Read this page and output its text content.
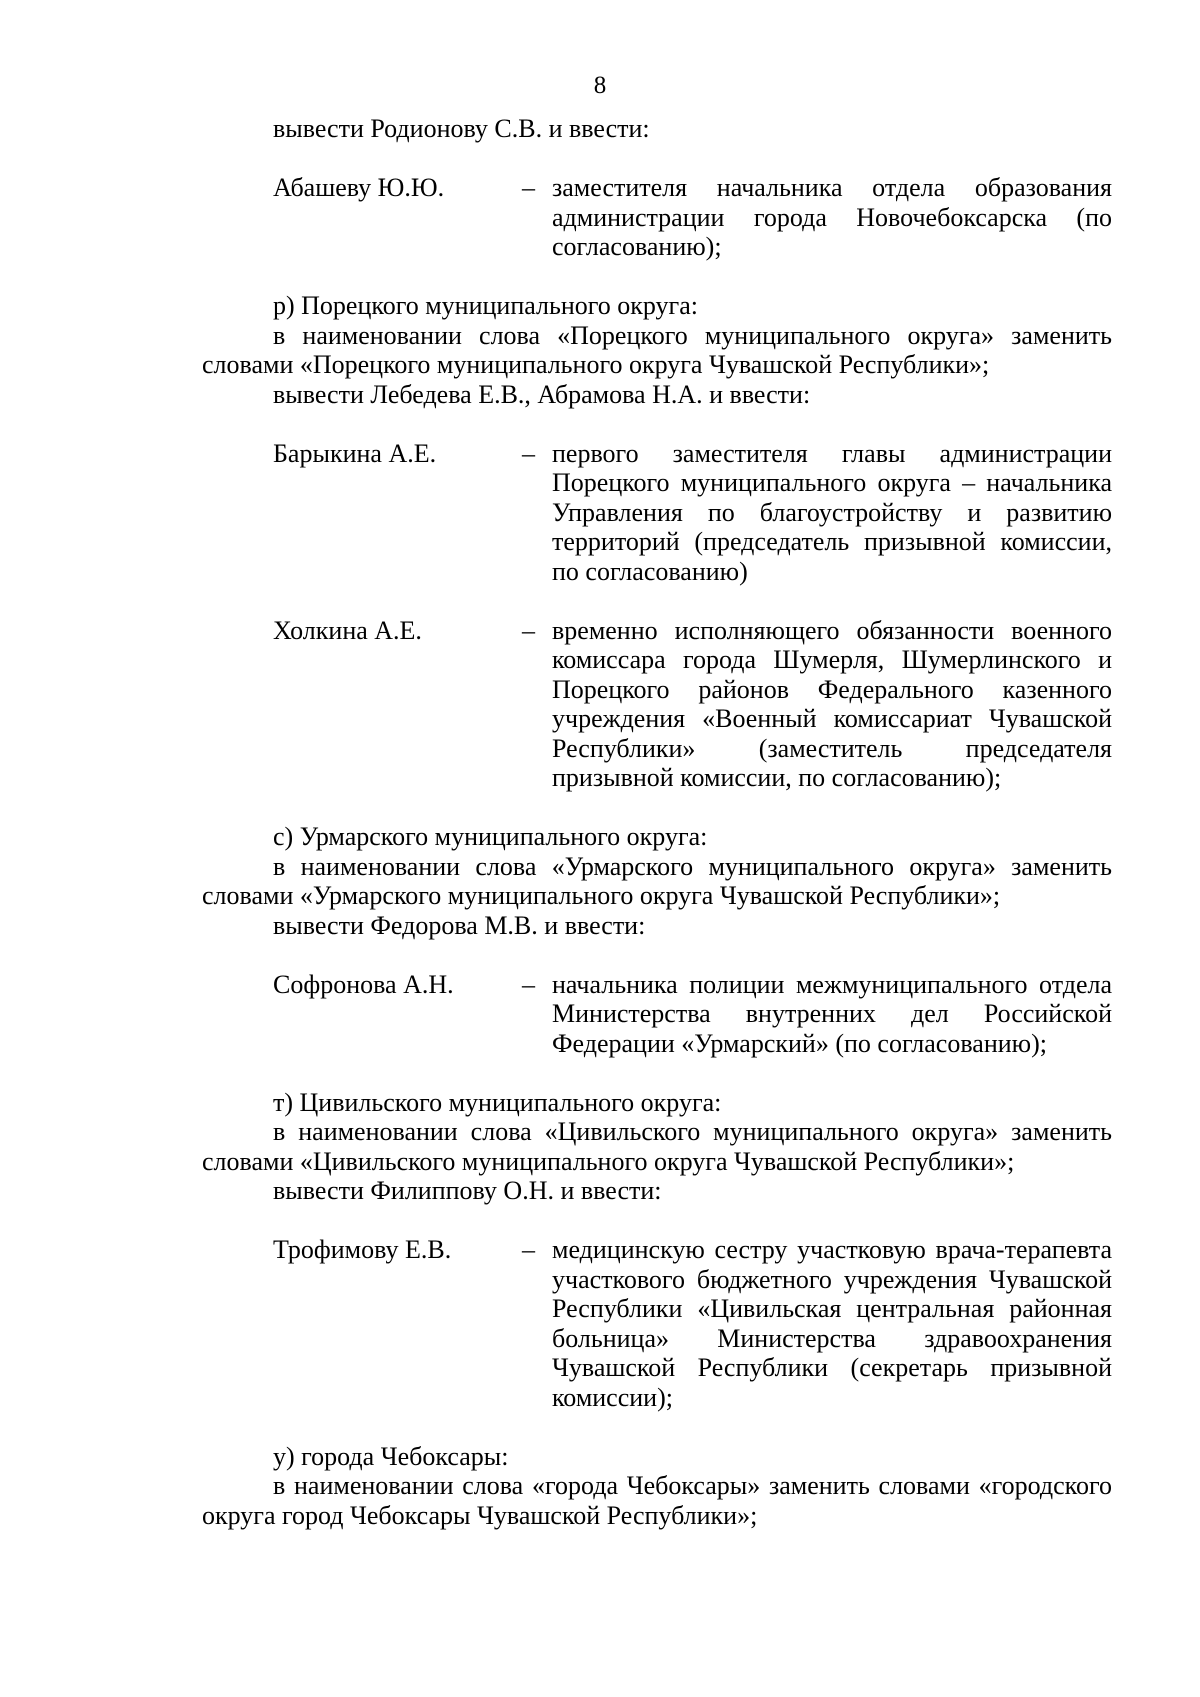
8
вывести Родионову С.В. и ввести:
Абашеву Ю.Ю.	– заместителя начальника отдела образования администрации города Новочебоксарска (по согласованию);
р) Порецкого муниципального округа:
в наименовании слова «Порецкого муниципального округа» заменить словами «Порецкого муниципального округа Чувашской Республики»;
вывести Лебедева Е.В., Абрамова Н.А. и ввести:
Барыкина А.Е.	– первого заместителя главы администрации Порецкого муниципального округа – начальника Управления по благоустройству и развитию территорий (председатель призывной комиссии, по согласованию)
Холкина А.Е.	– временно исполняющего обязанности военного комиссара города Шумерля, Шумерлинского и Порецкого районов Федерального казенного учреждения «Военный комиссариат Чувашской Республики» (заместитель председателя призывной комиссии, по согласованию);
с) Урмарского муниципального округа:
в наименовании слова «Урмарского муниципального округа» заменить словами «Урмарского муниципального округа Чувашской Республики»;
вывести Федорова М.В. и ввести:
Софронова А.Н.	– начальника полиции межмуниципального отдела Министерства внутренних дел Российской Федерации «Урмарский» (по согласованию);
т) Цивильского муниципального округа:
в наименовании слова «Цивильского муниципального округа» заменить словами «Цивильского муниципального округа Чувашской Республики»;
вывести Филиппову О.Н. и ввести:
Трофимову Е.В.	– медицинскую сестру участковую врача-терапевта участкового бюджетного учреждения Чувашской Республики «Цивильская центральная районная больница» Министерства здравоохранения Чувашской Республики (секретарь призывной комиссии);
у) города Чебоксары:
в наименовании слова «города Чебоксары» заменить словами «городского округа город Чебоксары Чувашской Республики»;
